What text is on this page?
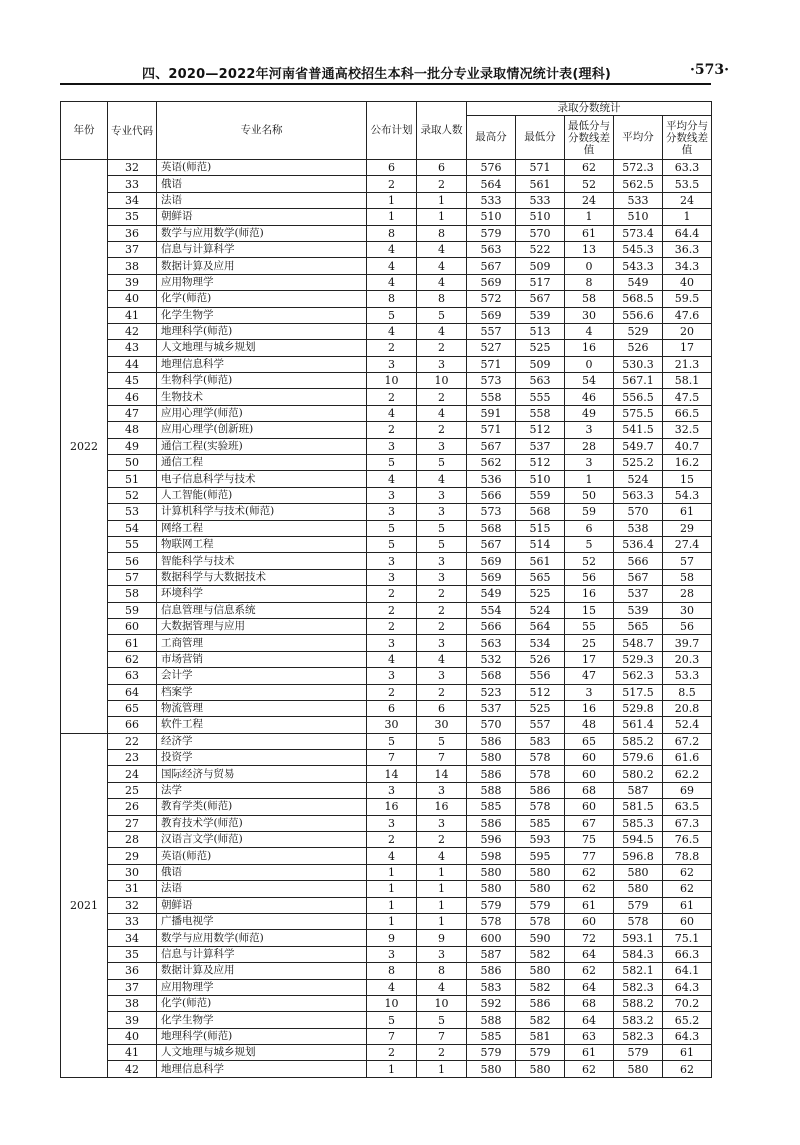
四、2020—2022年河南省普通高校招生本科一批分专业录取情况统计表(理科)	·573·
年份	专业代码	专业名称	公布计划	录取人数	录取分数统计				
					最高分	最低分	最低分与分数线差值	平均分	平均分与分数线差值
2022	32	英语(师范)	6	6	576	571	62	572.3	63.3
	33	俄语	2	2	564	561	52	562.5	53.5
	34	法语	1	1	533	533	24	533	24
	35	朝鲜语	1	1	510	510	1	510	1
	36	数学与应用数学(师范)	8	8	579	570	61	573.4	64.4
	37	信息与计算科学	4	4	563	522	13	545.3	36.3
	38	数据计算及应用	4	4	567	509	0	543.3	34.3
	39	应用物理学	4	4	569	517	8	549	40
	40	化学(师范)	8	8	572	567	58	568.5	59.5
	41	化学生物学	5	5	569	539	30	556.6	47.6
	42	地理科学(师范)	4	4	557	513	4	529	20
	43	人文地理与城乡规划	2	2	527	525	16	526	17
	44	地理信息科学	3	3	571	509	0	530.3	21.3
	45	生物科学(师范)	10	10	573	563	54	567.1	58.1
	46	生物技术	2	2	558	555	46	556.5	47.5
	47	应用心理学(师范)	4	4	591	558	49	575.5	66.5
	48	应用心理学(创新班)	2	2	571	512	3	541.5	32.5
	49	通信工程(实验班)	3	3	567	537	28	549.7	40.7
	50	通信工程	5	5	562	512	3	525.2	16.2
	51	电子信息科学与技术	4	4	536	510	1	524	15
	52	人工智能(师范)	3	3	566	559	50	563.3	54.3
	53	计算机科学与技术(师范)	3	3	573	568	59	570	61
	54	网络工程	5	5	568	515	6	538	29
	55	物联网工程	5	5	567	514	5	536.4	27.4
	56	智能科学与技术	3	3	569	561	52	566	57
	57	数据科学与大数据技术	3	3	569	565	56	567	58
	58	环境科学	2	2	549	525	16	537	28
	59	信息管理与信息系统	2	2	554	524	15	539	30
	60	大数据管理与应用	2	2	566	564	55	565	56
	61	工商管理	3	3	563	534	25	548.7	39.7
	62	市场营销	4	4	532	526	17	529.3	20.3
	63	会计学	3	3	568	556	47	562.3	53.3
	64	档案学	2	2	523	512	3	517.5	8.5
	65	物流管理	6	6	537	525	16	529.8	20.8
	66	软件工程	30	30	570	557	48	561.4	52.4
2021	22	经济学	5	5	586	583	65	585.2	67.2
	23	投资学	7	7	580	578	60	579.6	61.6
	24	国际经济与贸易	14	14	586	578	60	580.2	62.2
	25	法学	3	3	588	586	68	587	69
	26	教育学类(师范)	16	16	585	578	60	581.5	63.5
	27	教育技术学(师范)	3	3	586	585	67	585.3	67.3
	28	汉语言文学(师范)	2	2	596	593	75	594.5	76.5
	29	英语(师范)	4	4	598	595	77	596.8	78.8
	30	俄语	1	1	580	580	62	580	62
	31	法语	1	1	580	580	62	580	62
	32	朝鲜语	1	1	579	579	61	579	61
	33	广播电视学	1	1	578	578	60	578	60
	34	数学与应用数学(师范)	9	9	600	590	72	593.1	75.1
	35	信息与计算科学	3	3	587	582	64	584.3	66.3
	36	数据计算及应用	8	8	586	580	62	582.1	64.1
	37	应用物理学	4	4	583	582	64	582.3	64.3
	38	化学(师范)	10	10	592	586	68	588.2	70.2
	39	化学生物学	5	5	588	582	64	583.2	65.2
	40	地理科学(师范)	7	7	585	581	63	582.3	64.3
	41	人文地理与城乡规划	2	2	579	579	61	579	61
	42	地理信息科学	1	1	580	580	62	580	62
